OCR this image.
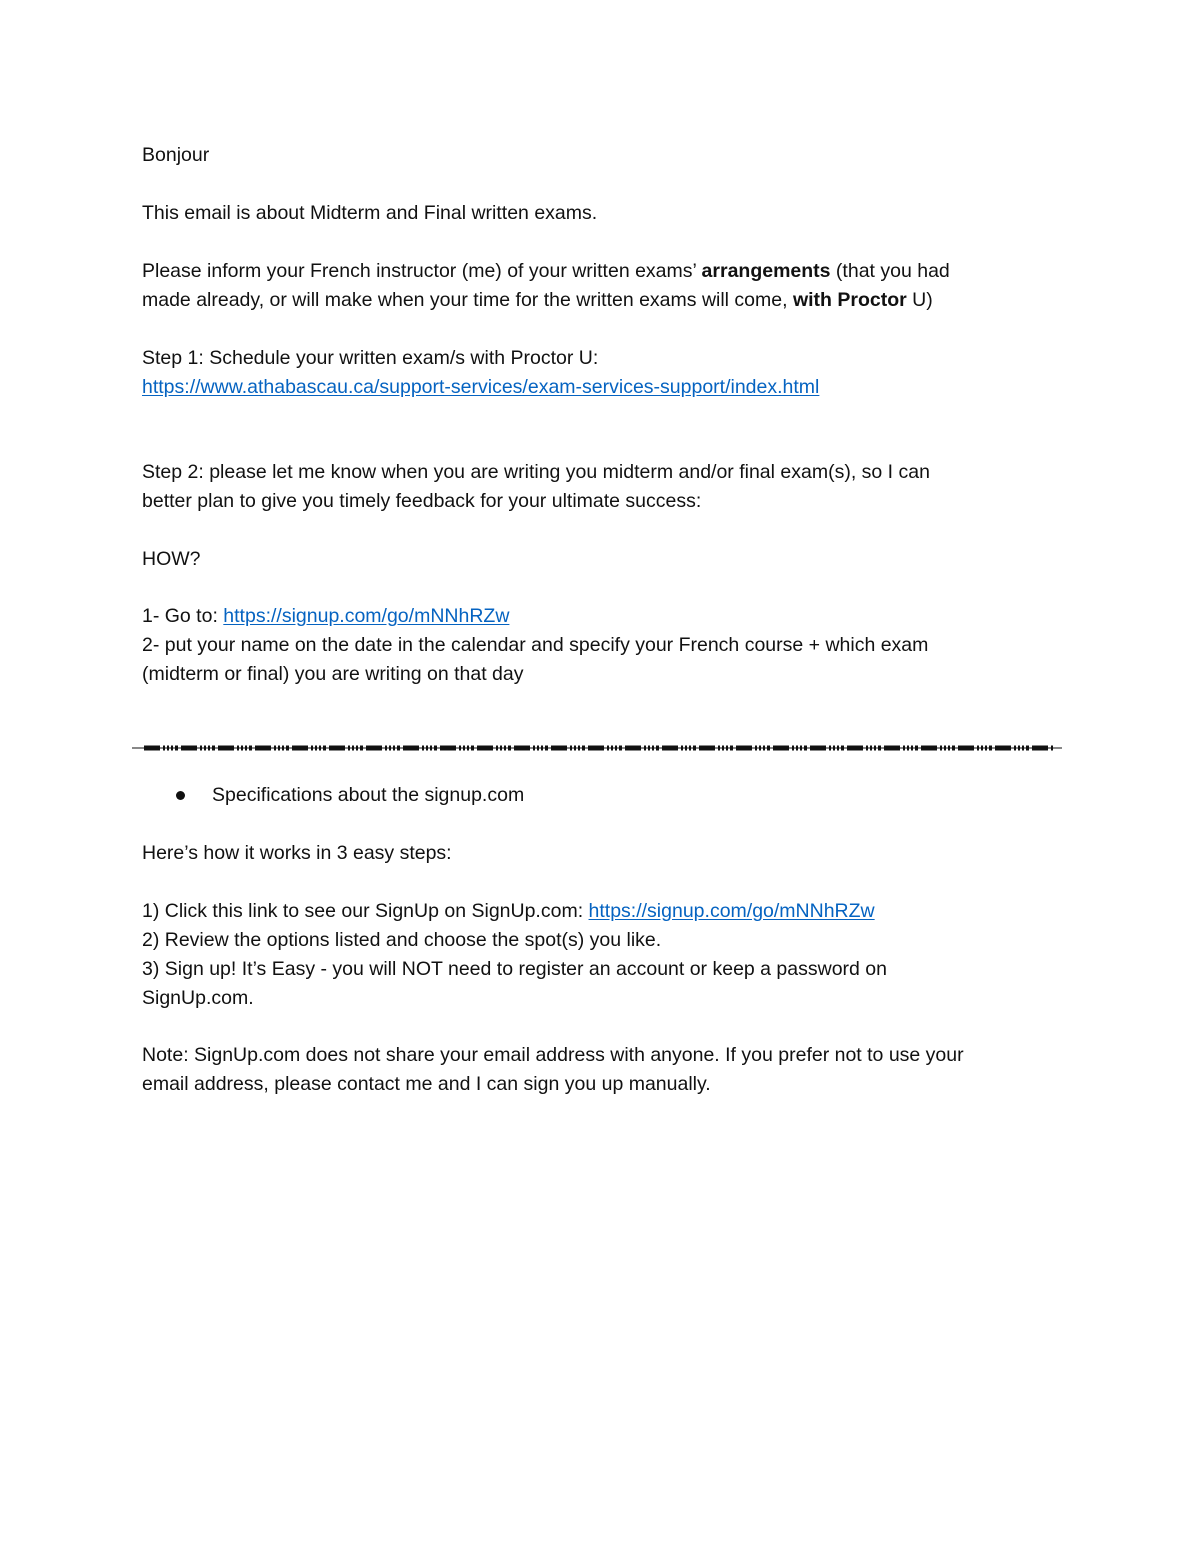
Bonjour

This email is about Midterm and Final written exams.

Please inform your French instructor (me) of your written exams’ arrangements (that you had
made already, or will make when your time for the written exams will come, with Proctor U)

Step 1: Schedule your written exam/s with Proctor U:
https://www.athabascau.ca/support-services/exam-services-support/index.html

Step 2: please let me know when you are writing you midterm and/or final exam(s), so I can
better plan to give you timely feedback for your ultimate success:

HOW?

1- Go to: https://signup.com/go/mNNhRZw
2- put your name on the date in the calendar and specify your French course + which exam
(midterm or final) you are writing on that day

Specifications about the signup.com

Here’s how it works in 3 easy steps:

1) Click this link to see our SignUp on SignUp.com: https://signup.com/go/mNNhRZw
2) Review the options listed and choose the spot(s) you like.
3) Sign up! It’s Easy - you will NOT need to register an account or keep a password on
SignUp.com.

Note: SignUp.com does not share your email address with anyone. If you prefer not to use your
email address, please contact me and I can sign you up manually.
